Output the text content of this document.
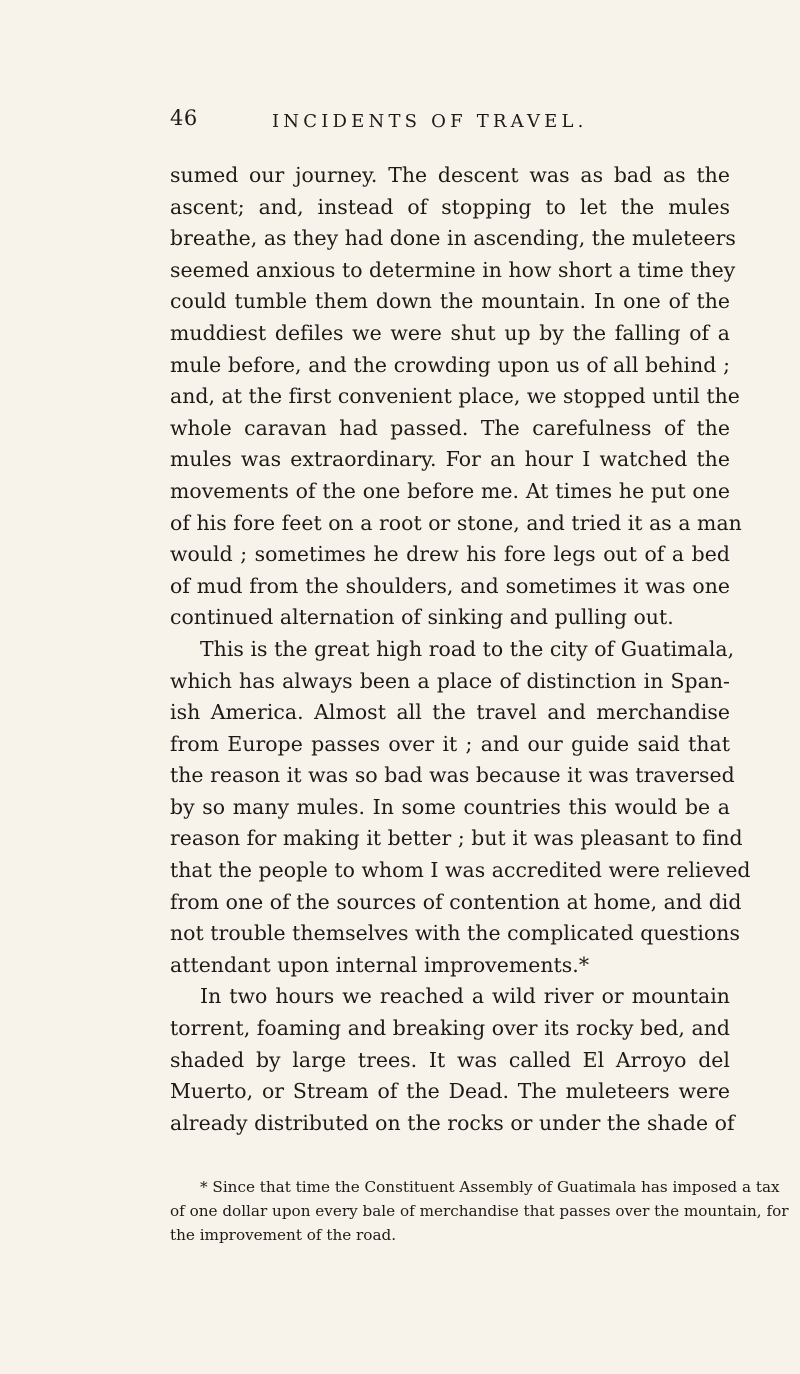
46	INCIDENTS OF TRAVEL.
sumed our journey. The descent was as bad as the
ascent; and, instead of stopping to let the mules
breathe, as they had done in ascending, the muleteers
seemed anxious to determine in how short a time they
could tumble them down the mountain. In one of the
muddiest defiles we were shut up by the falling of a
mule before, and the crowding upon us of all behind ;
and, at the first convenient place, we stopped until the
whole caravan had passed. The carefulness of the
mules was extraordinary. For an hour I watched the
movements of the one before me. At times he put one
of his fore feet on a root or stone, and tried it as a man
would ; sometimes he drew his fore legs out of a bed
of mud from the shoulders, and sometimes it was one
continued alternation of sinking and pulling out.
This is the great high road to the city of Guatimala,
which has always been a place of distinction in Span-
ish America. Almost all the travel and merchandise
from Europe passes over it ; and our guide said that
the reason it was so bad was because it was traversed
by so many mules. In some countries this would be a
reason for making it better ; but it was pleasant to find
that the people to whom I was accredited were relieved
from one of the sources of contention at home, and did
not trouble themselves with the complicated questions
attendant upon internal improvements.*
In two hours we reached a wild river or mountain
torrent, foaming and breaking over its rocky bed, and
shaded by large trees. It was called El Arroyo del
Muerto, or Stream of the Dead. The muleteers were
already distributed on the rocks or under the shade of
* Since that time the Constituent Assembly of Guatimala has imposed a tax
of one dollar upon every bale of merchandise that passes over the mountain, for
the improvement of the road.
